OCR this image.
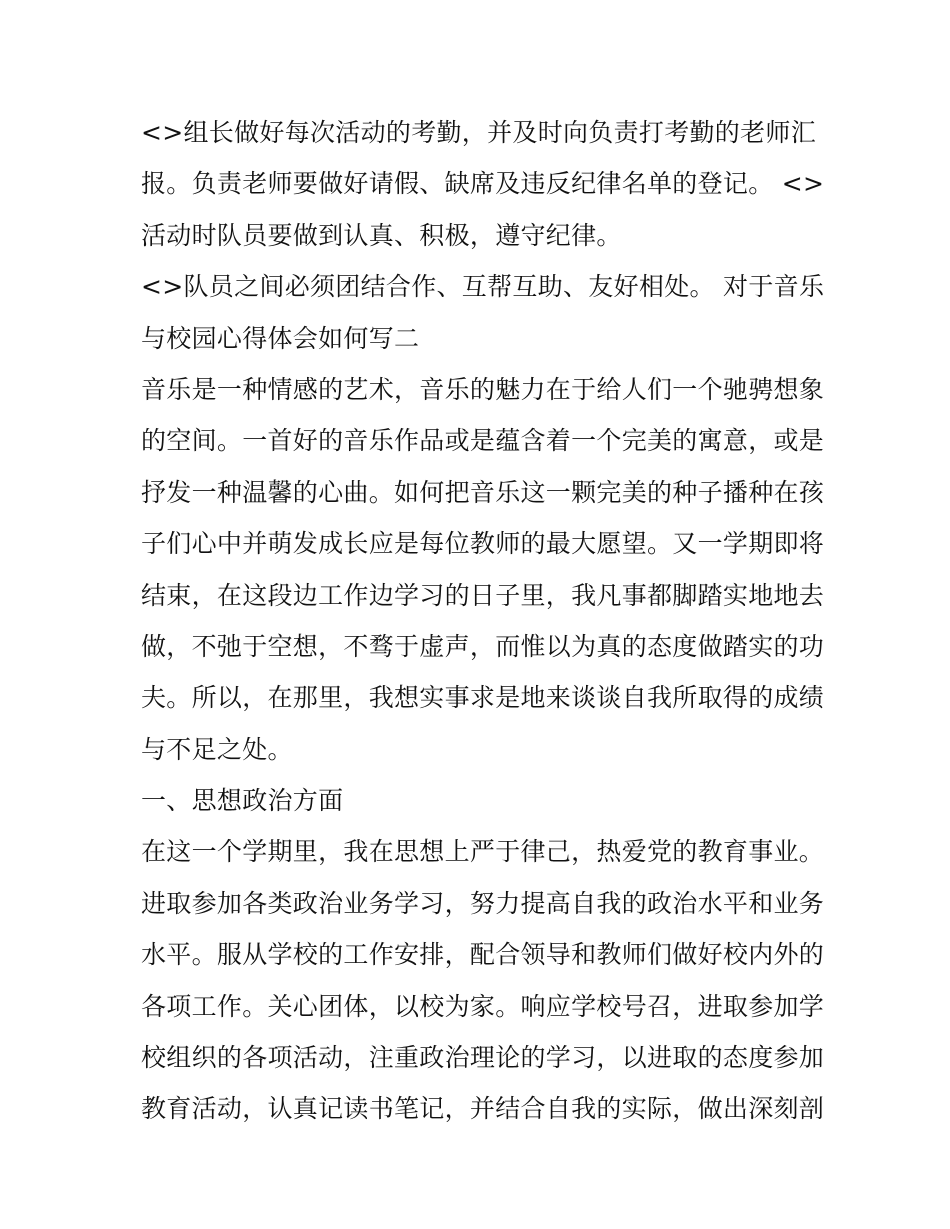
<>组长做好每次活动的考勤，并及时向负责打考勤的老师汇
报。负责老师要做好请假、缺席及违反纪律名单的登记。 <>
活动时队员要做到认真、积极，遵守纪律。
<>队员之间必须团结合作、互帮互助、友好相处。 对于音乐
与校园心得体会如何写二
音乐是一种情感的艺术，音乐的魅力在于给人们一个驰骋想象
的空间。一首好的音乐作品或是蕴含着一个完美的寓意，或是
抒发一种温馨的心曲。如何把音乐这一颗完美的种子播种在孩
子们心中并萌发成长应是每位教师的最大愿望。又一学期即将
结束，在这段边工作边学习的日子里，我凡事都脚踏实地地去
做，不弛于空想，不骛于虚声，而惟以为真的态度做踏实的功
夫。所以，在那里，我想实事求是地来谈谈自我所取得的成绩
与不足之处。
一、思想政治方面
在这一个学期里，我在思想上严于律己，热爱党的教育事业。
进取参加各类政治业务学习，努力提高自我的政治水平和业务
水平。服从学校的工作安排，配合领导和教师们做好校内外的
各项工作。关心团体，以校为家。响应学校号召，进取参加学
校组织的各项活动，注重政治理论的学习，以进取的态度参加
教育活动，认真记读书笔记，并结合自我的实际，做出深刻剖
